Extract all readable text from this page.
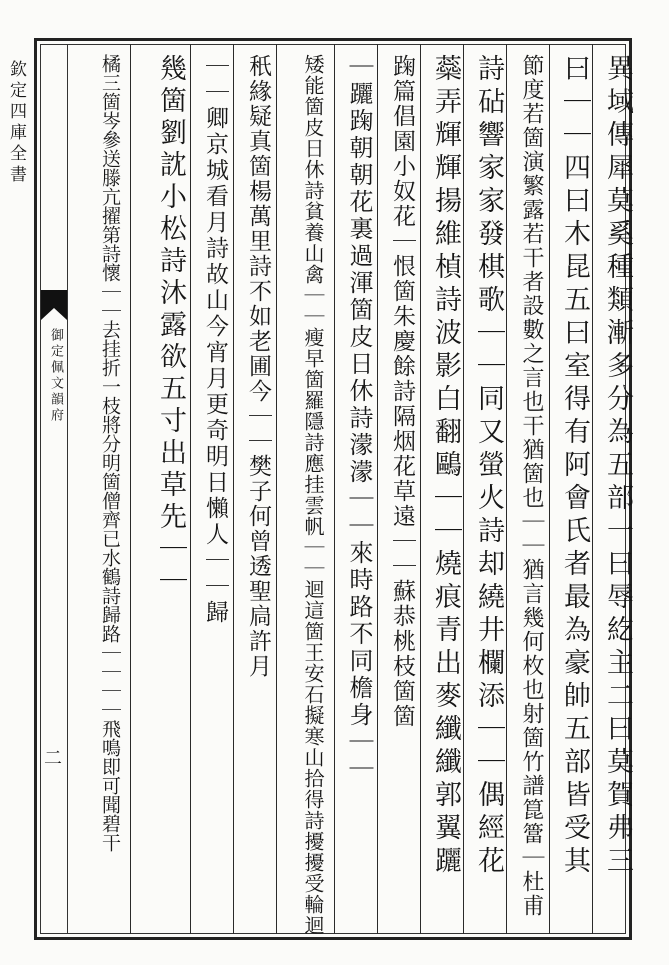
欽定四庫全書
御定佩文韻府
二	異域傳犀莫奚種類漸多分為五部一曰辱紇主二曰莫賀弗三
曰｜｜四曰木昆五曰室得有阿會氏者最為豪帥五部皆受其
節度若箇演繁露若干者設數之言也干猶箇也｜｜猶言幾何枚也射箇竹譜箟簹｜杜甫
詩砧響家家發棋歌｜｜同又螢火詩却繞井欄添｜｜偶經花
蘂弄輝輝揚維楨詩波影白翻鷗｜｜燒痕青出麥纖纖郭翼躧
踘篇倡園小奴花｜恨箇朱慶餘詩隔烟花草遠｜｜蘇恭桃枝箇箇
｜躧踘朝朝花裏過渾箇皮日休詩濛濛｜｜來時路不同檐身｜｜
矮能箇皮日休詩貧養山禽｜｜瘦早箇羅隱詩應挂雲帆｜｜迴這箇王安石擬寒山拾得詩擾擾受輪迴
秖緣疑真箇楊萬里詩不如老圃今｜｜樊子何曾透聖扃許月
｜｜卿京城看月詩故山今宵月更奇明日懶人｜｜歸
幾箇劉訦小松詩沐露欲五寸出草先｜｜
橘三箇岑參送滕亢擢第詩懷｜｜去挂折一枝將分明箇僧齊已水鶴詩歸路｜｜｜｜飛鳴即可聞碧干
